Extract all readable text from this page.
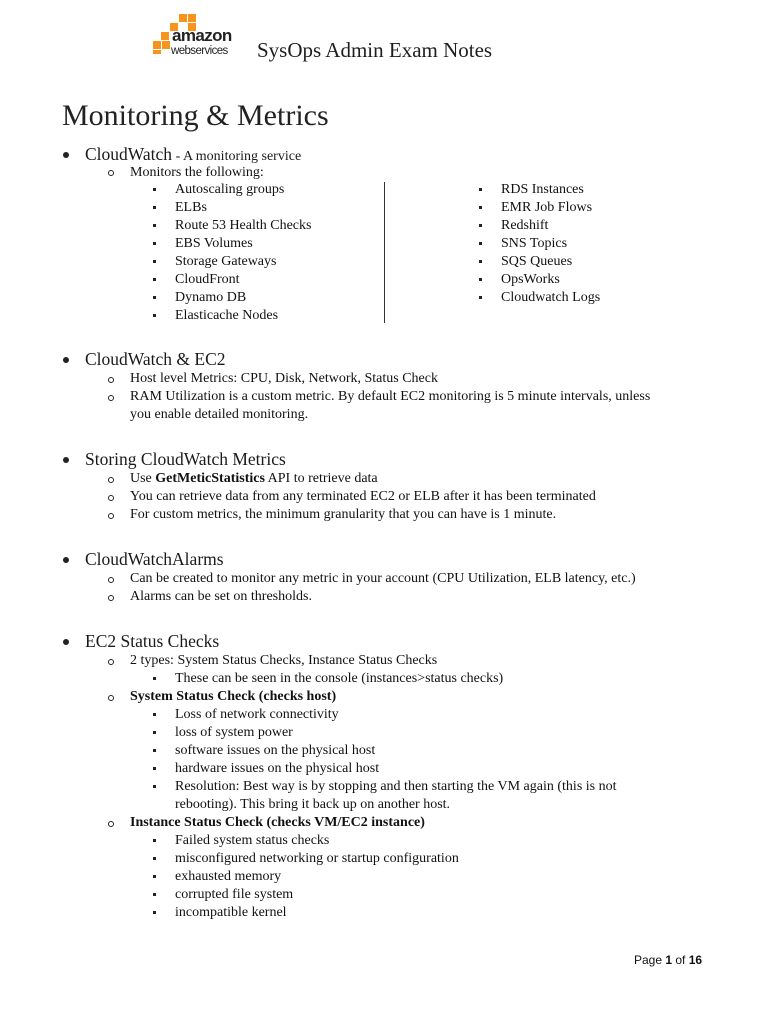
amazon
webservices SysOps Admin Exam Notes
Monitoring & Metrics
CloudWatch - A monitoring service
Monitors the following:
Autoscaling groups
ELBs
Route 53 Health Checks
EBS Volumes
Storage Gateways
CloudFront
Dynamo DB
Elasticache Nodes
RDS Instances
EMR Job Flows
Redshift
SNS Topics
SQS Queues
OpsWorks
Cloudwatch Logs
CloudWatch & EC2
Host level Metrics: CPU, Disk, Network, Status Check
RAM Utilization is a custom metric. By default EC2 monitoring is 5 minute intervals, unless
you enable detailed monitoring.
Storing CloudWatch Metrics
Use GetMeticStatistics API to retrieve data
You can retrieve data from any terminated EC2 or ELB after it has been terminated
For custom metrics, the minimum granularity that you can have is 1 minute.
CloudWatchAlarms
Can be created to monitor any metric in your account (CPU Utilization, ELB latency, etc.)
Alarms can be set on thresholds.
EC2 Status Checks
2 types: System Status Checks, Instance Status Checks
These can be seen in the console (instances>status checks)
System Status Check (checks host)
Loss of network connectivity
loss of system power
software issues on the physical host
hardware issues on the physical host
Resolution: Best way is by stopping and then starting the VM again (this is not
rebooting). This bring it back up on another host.
Instance Status Check (checks VM/EC2 instance)
Failed system status checks
misconfigured networking or startup configuration
exhausted memory
corrupted file system
incompatible kernel
Page 1 of 16
